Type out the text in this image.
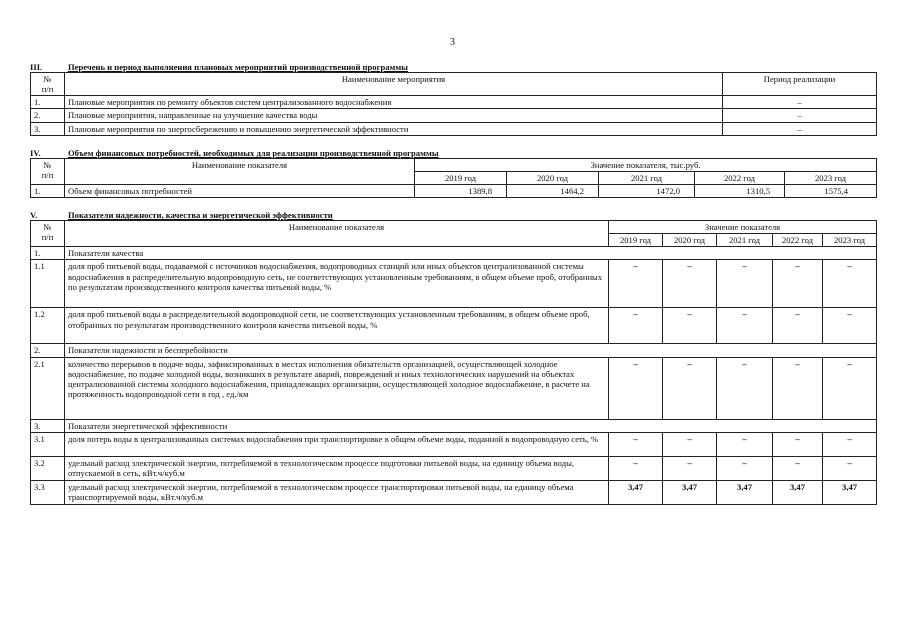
3
III.	Перечень и период выполнения плановых мероприятий производственной программы
№
п/п	Наименование мероприятия	Период реализации
1.	Плановые мероприятия по ремонту объектов систем централизованного водоснабжения	–
2.	Плановые мероприятия, направленные на улучшение качества воды	–
3.	Плановые мероприятия по энергосбережению и повышению энергетической эффективности	–
IV.	Объем финансовых потребностей, необходимых для реализации производственной программы
№
п/п	Наименование показателя	Значение показателя, тыс.руб.				
		2019 год	2020 год	2021 год	2022 год	2023 год
1.	Объем финансовых потребностей	1389,8	1464,2	1472,0	1310,5	1575,4
V.	Показатели надежности, качества и энергетической эффективности
№
п/п	Наименование показателя	Значение показателя				
		2019 год	2020 год	2021 год	2022 год	2023 год
1.	Показатели качества					
1.1	доля проб питьевой воды, подаваемой с источников водоснабжения, водопроводных станций или иных объектов централизованной системы водоснабжения в распределительную водопроводную сеть, не соответствующих установленным требованиям, в общем объеме проб, отобранных по результатам производственного контроля качества питьевой воды, %	–	–	–	–	–
1.2	доля проб питьевой воды в распределительной водопроводной сети, не соответствующих установленным требованиям, в общем объеме проб, отобранных по результатам производственного контроля качества питьевой воды, %	–	–	–	–	–
2.	Показатели надежности и бесперебойности					
2.1	количество перерывов в подаче воды, зафиксированных в местах исполнения обязательств организацией, осуществляющей холодное водоснабжение, по подаче холодной воды, возникших в результате аварий, повреждений и иных технологических нарушений на объектах централизованной системы холодного водоснабжения, принадлежащих организации, осуществляющей холодное водоснабжение, в расчете на протяженность водопроводной сети в год , ед./км	–	–	–	–	–
3.	Показатели энергетической эффективности					
3.1	доля потерь воды в централизованных системах водоснабжения при транспортировке в общем объеме воды, поданной в водопроводную сеть, %	–	–	–	–	–
3.2	удельный расход электрической энергии, потребляемой в технологическом процессе подготовки питьевой воды, на единицу объема воды, отпускаемой в сеть, кВт.ч/куб.м	–	–	–	–	–
3.3	удельный расход электрической энергии, потребляемой в технологическом процессе транспортировки питьевой воды, на единицу объема транспортируемой воды, кВт.ч/куб.м	3,47	3,47	3,47	3,47	3,47
